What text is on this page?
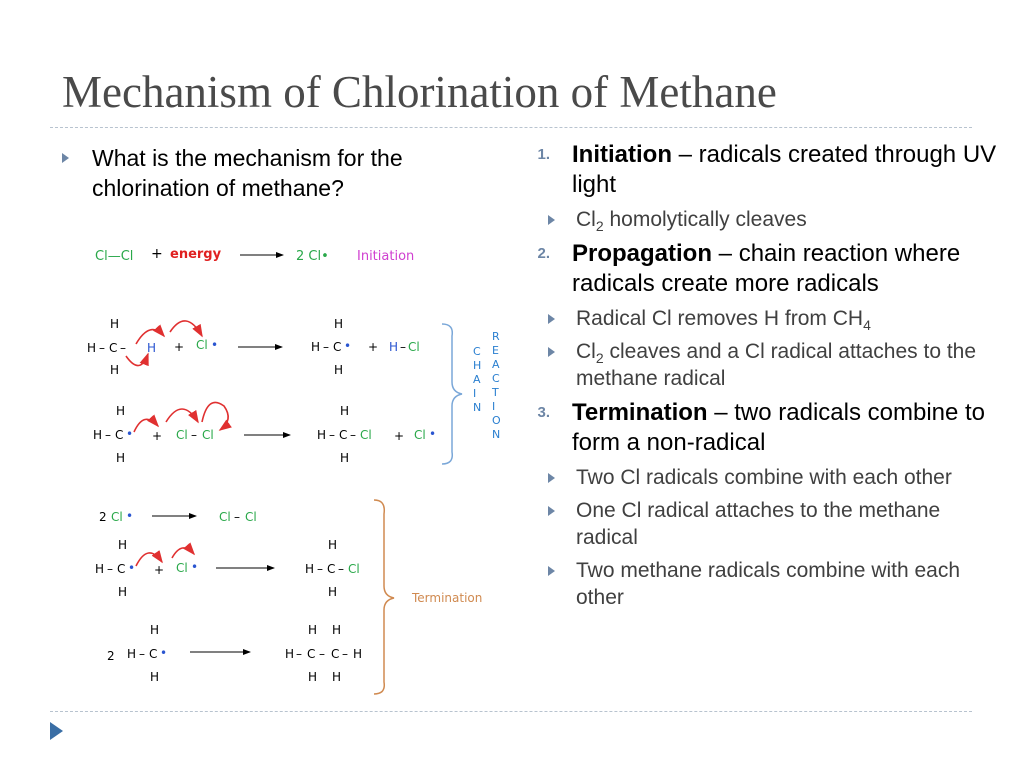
Mechanism of Chlorination of Methane
What is the mechanism for the chlorination of methane?
Cl—Cl + energy	2 Cl• Initiation
H
H – C – H
H
+ Cl •
H
H – C •
H
+ H – Cl
H
H – C •
H
+ Cl – Cl
H
H – C – Cl
H
+ Cl •
C
H
A
I
N
R
E
A
C
T
I
O
N
2 Cl •	Cl – Cl
H
H – C •
H
+ Cl •
H
H – C – Cl
H
2
H
H – C •
H
H H
H – C – C – H
H H
Termination
1. Initiation – radicals created through UV light
$Cl_2$ homolytically cleaves
2. Propagation – chain reaction where radicals create more radicals
Radical Cl removes H from $CH_4$
$Cl_2$ cleaves and a Cl radical attaches to the methane radical
3. Termination – two radicals combine to form a non-radical
Two Cl radicals combine with each other
One Cl radical attaches to the methane radical
Two methane radicals combine with each other
